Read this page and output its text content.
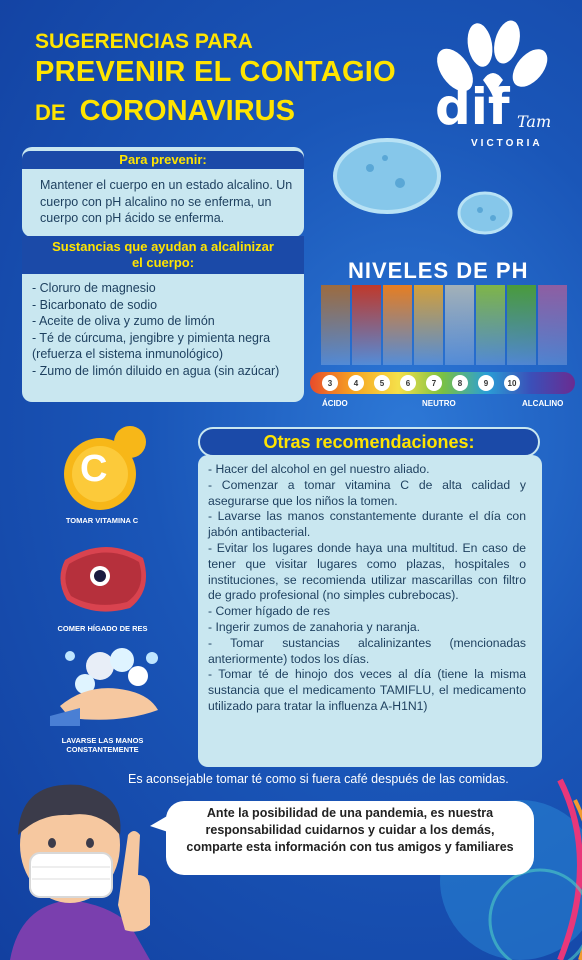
SUGERENCIAS PARA
PREVENIR EL CONTAGIO
DE CORONAVIRUS	dif Tam
VICTORIA
Para prevenir:
Mantener el cuerpo en un estado alcalino. Un cuerpo con pH alcalino no se enferma, un cuerpo con pH ácido se enferma.
Sustancias que ayudan a alcalinizar
el cuerpo:
- Cloruro de magnesio
- Bicarbonato de sodio
- Aceite de oliva y zumo de limón
- Té de cúrcuma, jengibre y pimienta negra (refuerza el sistema inmunológico)
- Zumo de limón diluido en agua (sin azúcar)
NIVELES DE PH
3	4	5	6	7	8	9	10
ÁCIDO	NEUTRO	ALCALINO
C
TOMAR VITAMINA C
COMER HÍGADO DE RES
LAVARSE LAS MANOS CONSTANTEMENTE
Otras recomendaciones:
- Hacer del alcohol en gel nuestro aliado.
- Comenzar a tomar vitamina C de alta calidad y asegurarse que los niños la tomen.
- Lavarse las manos constantemente durante el día con jabón antibacterial.
- Evitar los lugares donde haya una multitud. En caso de tener que visitar lugares como plazas, hospitales o instituciones, se recomienda utilizar mascarillas con filtro de grado profesional (no simples cubrebocas).
- Comer hígado de res
- Ingerir zumos de zanahoria y naranja.
- Tomar sustancias alcalinizantes (mencionadas anteriormente) todos los días.
- Tomar té de hinojo dos veces al día (tiene la misma sustancia que el medicamento TAMIFLU, el medicamento utilizado para tratar la influenza A-H1N1)
Es aconsejable tomar té como si fuera café después de las comidas.
Ante la posibilidad de una pandemia, es nuestra responsabilidad cuidarnos y cuidar a los demás, comparte esta información con tus amigos y familiares
